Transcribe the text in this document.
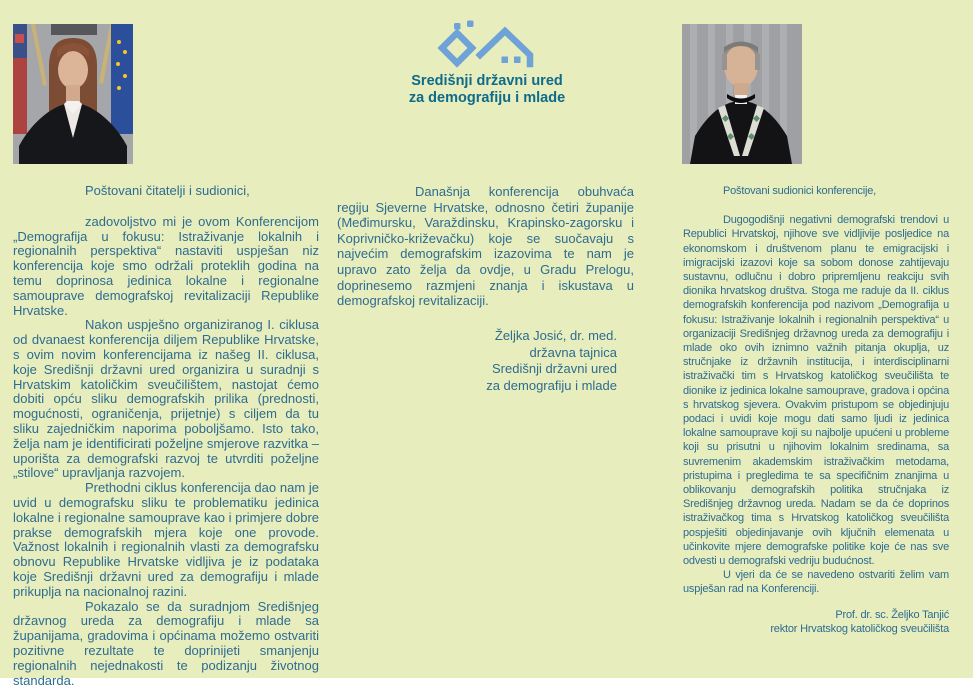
Središnji državni ured
za demografiju i mlade

Poštovani čitatelji i sudionici,

zadovoljstvo mi je ovom Konferencijom „Demografija u fokusu: Istraživanje lokalnih i regionalnih perspektiva“ nastaviti uspješan niz konferencija koje smo održali proteklih godina na temu doprinosa jedinica lokalne i regionalne samouprave demografskoj revitalizaciji Republike Hrvatske.

Nakon uspješno organiziranog I. ciklusa od dvanaest konferencija diljem Republike Hrvatske, s ovim novim konferencijama iz našeg II. ciklusa, koje Središnji državni ured organizira u suradnji s Hrvatskim katoličkim sveučilištem, nastojat ćemo dobiti opću sliku demografskih prilika (prednosti, mogućnosti, ograničenja, prijetnje) s ciljem da tu sliku zajedničkim naporima poboljšamo. Isto tako, želja nam je identificirati poželjne smjerove razvitka – uporišta za demografski razvoj te utvrditi poželjne „stilove“ upravljanja razvojem.

Prethodni ciklus konferencija dao nam je uvid u demografsku sliku te problematiku jedinica lokalne i regionalne samouprave kao i primjere dobre prakse demografskih mjera koje one provode. Važnost lokalnih i regionalnih vlasti za demografsku obnovu Republike Hrvatske vidljiva je iz podataka koje Središnji državni ured za demografiju i mlade prikuplja na nacionalnoj razini.

Pokazalo se da suradnjom Središnjeg državnog ureda za demografiju i mlade sa županijama, gradovima i općinama možemo ostvariti pozitivne rezultate te doprinijeti smanjenju regionalnih nejednakosti te podizanju životnog standarda.

Današnja konferencija obuhvaća regiju Sjeverne Hrvatske, odnosno četiri županije (Međimursku, Varaždinsku, Krapinsko-zagorsku i Koprivničko-križevačku) koje se suočavaju s najvećim demografskim izazovima te nam je upravo zato želja da ovdje, u Gradu Prelogu, doprinesemo razmjeni znanja i iskustava u demografskoj revitalizaciji.

Željka Josić, dr. med.
državna tajnica
Središnji državni ured
za demografiju i mlade

Poštovani sudionici konferencije,

Dugogodišnji negativni demografski trendovi u Republici Hrvatskoj, njihove sve vidljivije posljedice na ekonomskom i društvenom planu te emigracijski i imigracijski izazovi koje sa sobom donose zahtijevaju sustavnu, odlučnu i dobro pripremljenu reakciju svih dionika hrvatskog društva. Stoga me raduje da II. ciklus demografskih konferencija pod nazivom „Demografija u fokusu: Istraživanje lokalnih i regionalnih perspektiva“ u organizaciji Središnjeg državnog ureda za demografiju i mlade oko ovih iznimno važnih pitanja okuplja, uz stručnjake iz državnih institucija, i interdisciplinarni istraživački tim s Hrvatskog katoličkog sveučilišta te dionike iz jedinica lokalne samouprave, gradova i općina s hrvatskog sjevera. Ovakvim pristupom se objedinjuju podaci i uvidi koje mogu dati samo ljudi iz jedinica lokalne samouprave koji su najbolje upućeni u probleme koji su prisutni u njihovim lokalnim sredinama, sa suvremenim akademskim istraživačkim metodama, pristupima i pregledima te sa specifičnim znanjima u oblikovanju demografskih politika stručnjaka iz Središnjeg državnog ureda. Nadam se da će doprinos istraživačkog tima s Hrvatskog katoličkog sveučilišta pospješiti objedinjavanje ovih ključnih elemenata u učinkovite mjere demografske politike koje će nas sve odvesti u demografski vedriju budućnost.

U vjeri da će se navedeno ostvariti želim vam uspješan rad na Konferenciji.

Prof. dr. sc. Željko Tanjić
rektor Hrvatskog katoličkog sveučilišta
